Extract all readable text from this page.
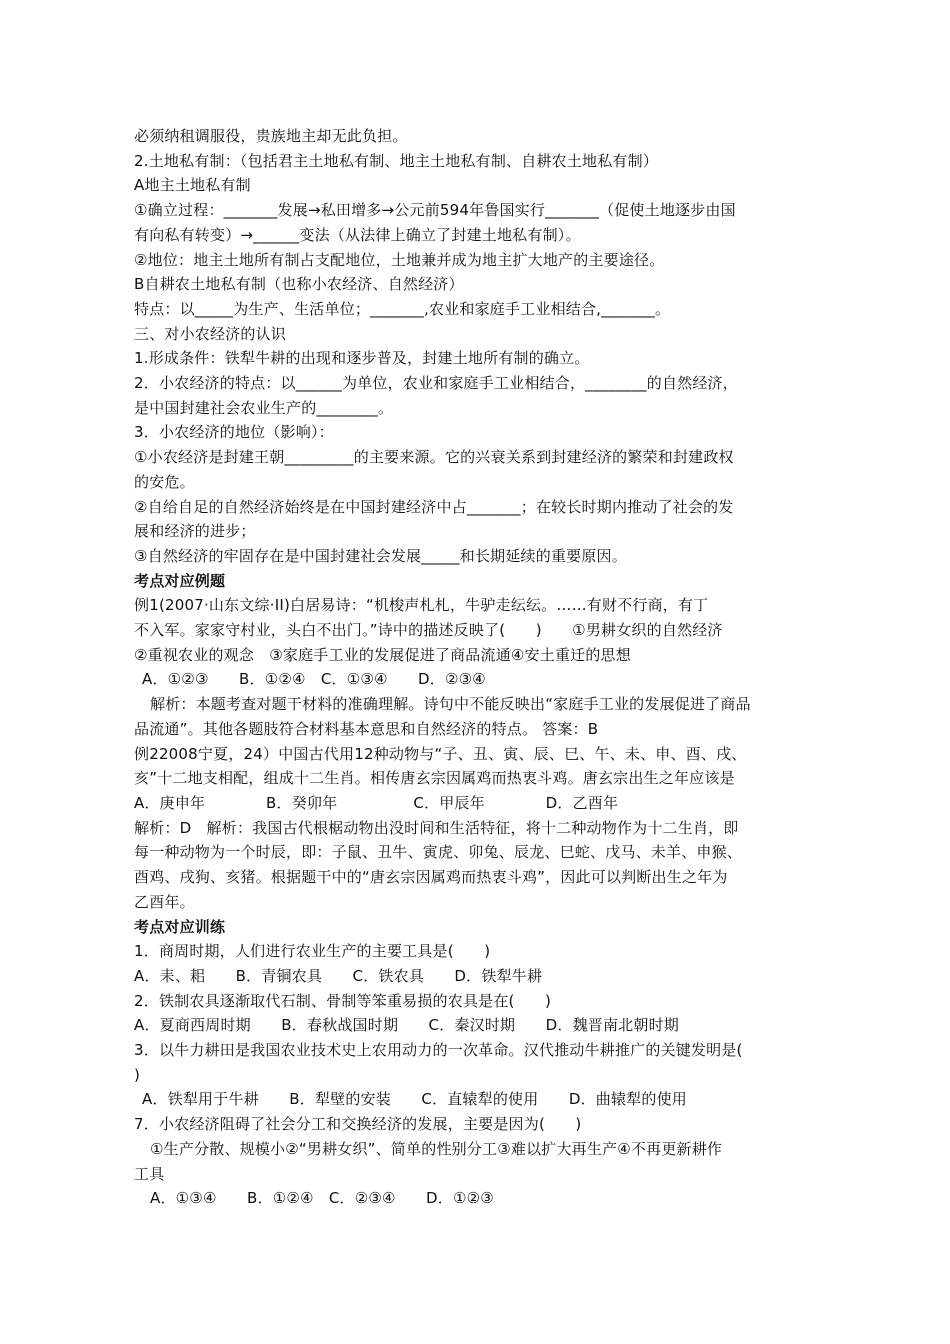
必须纳租调服役，贵族地主却无此负担。
2.土地私有制：（包括君主土地私有制、地主土地私有制、自耕农土地私有制）
A地主土地私有制
①确立过程：_______发展→私田增多→公元前594年鲁国实行_______（促使土地逐步由国
有向私有转变）→______变法（从法律上确立了封建土地私有制）。
②地位：地主土地所有制占支配地位，土地兼并成为地主扩大地产的主要途径。
B自耕农土地私有制（也称小农经济、自然经济）
特点：以_____为生产、生活单位；_______,农业和家庭手工业相结合,_______。
三、对小农经济的认识
1.形成条件：铁犁牛耕的出现和逐步普及，封建土地所有制的确立。
2．小农经济的特点：以______为单位，农业和家庭手工业相结合，________的自然经济，
是中国封建社会农业生产的________。
3．小农经济的地位（影响）：
①小农经济是封建王朝_________的主要来源。它的兴衰关系到封建经济的繁荣和封建政权
的安危。
②自给自足的自然经济始终是在中国封建经济中占_______；在较长时期内推动了社会的发
展和经济的进步；
③自然经济的牢固存在是中国封建社会发展_____和长期延续的重要原因。
考点对应例题
例1(2007·山东文综·II)白居易诗：“机梭声札札，牛驴走纭纭。……有财不行商，有丁
不入军。家家守村业，头白不出门。”诗中的描述反映了(　　)　　①男耕女织的自然经济
②重视农业的观念　③家庭手工业的发展促进了商品流通④安土重迁的思想
A．①②③　　B．①②④　C．①③④　　D．②③④
解析：本题考查对题干材料的准确理解。诗句中不能反映出“家庭手工业的发展促进了商品
品流通”。其他各题肢符合材料基本意思和自然经济的特点。 答案：B
例22008宁夏，24）中国古代用12种动物与“子、丑、寅、辰、巳、午、未、申、酉、戌、
亥”十二地支相配，组成十二生肖。相传唐玄宗因属鸡而热衷斗鸡。唐玄宗出生之年应该是
A．庚申年　　　　B．癸卯年　　　　　C．甲辰年　　　　D．乙酉年
解析：D　解析：我国古代根椐动物出没时间和生活特征，将十二种动物作为十二生肖，即
每一种动物为一个时辰，即：子鼠、丑牛、寅虎、卯兔、辰龙、巳蛇、戊马、未羊、申猴、
酉鸡、戌狗、亥猪。根据题干中的“唐玄宗因属鸡而热衷斗鸡”，因此可以判断出生之年为
乙酉年。
考点对应训练
1．商周时期，人们进行农业生产的主要工具是(　　)
A．耒、耜　　B．青铜农具　　C．铁农具　　D．铁犁牛耕
2．铁制农具逐渐取代石制、骨制等笨重易损的农具是在(　　)
A．夏商西周时期　　B．春秋战国时期　　C．秦汉时期　　D．魏晋南北朝时期
3．以牛力耕田是我国农业技术史上农用动力的一次革命。汉代推动牛耕推广的关键发明是(
)
A．铁犁用于牛耕　　B．犁壁的安装　　C．直辕犁的使用　　D．曲辕犁的使用
7．小农经济阻碍了社会分工和交换经济的发展，主要是因为(　　)
①生产分散、规模小②“男耕女织”、简单的性别分工③难以扩大再生产④不再更新耕作
工具
A．①③④　　B．①②④　C．②③④　　D．①②③
